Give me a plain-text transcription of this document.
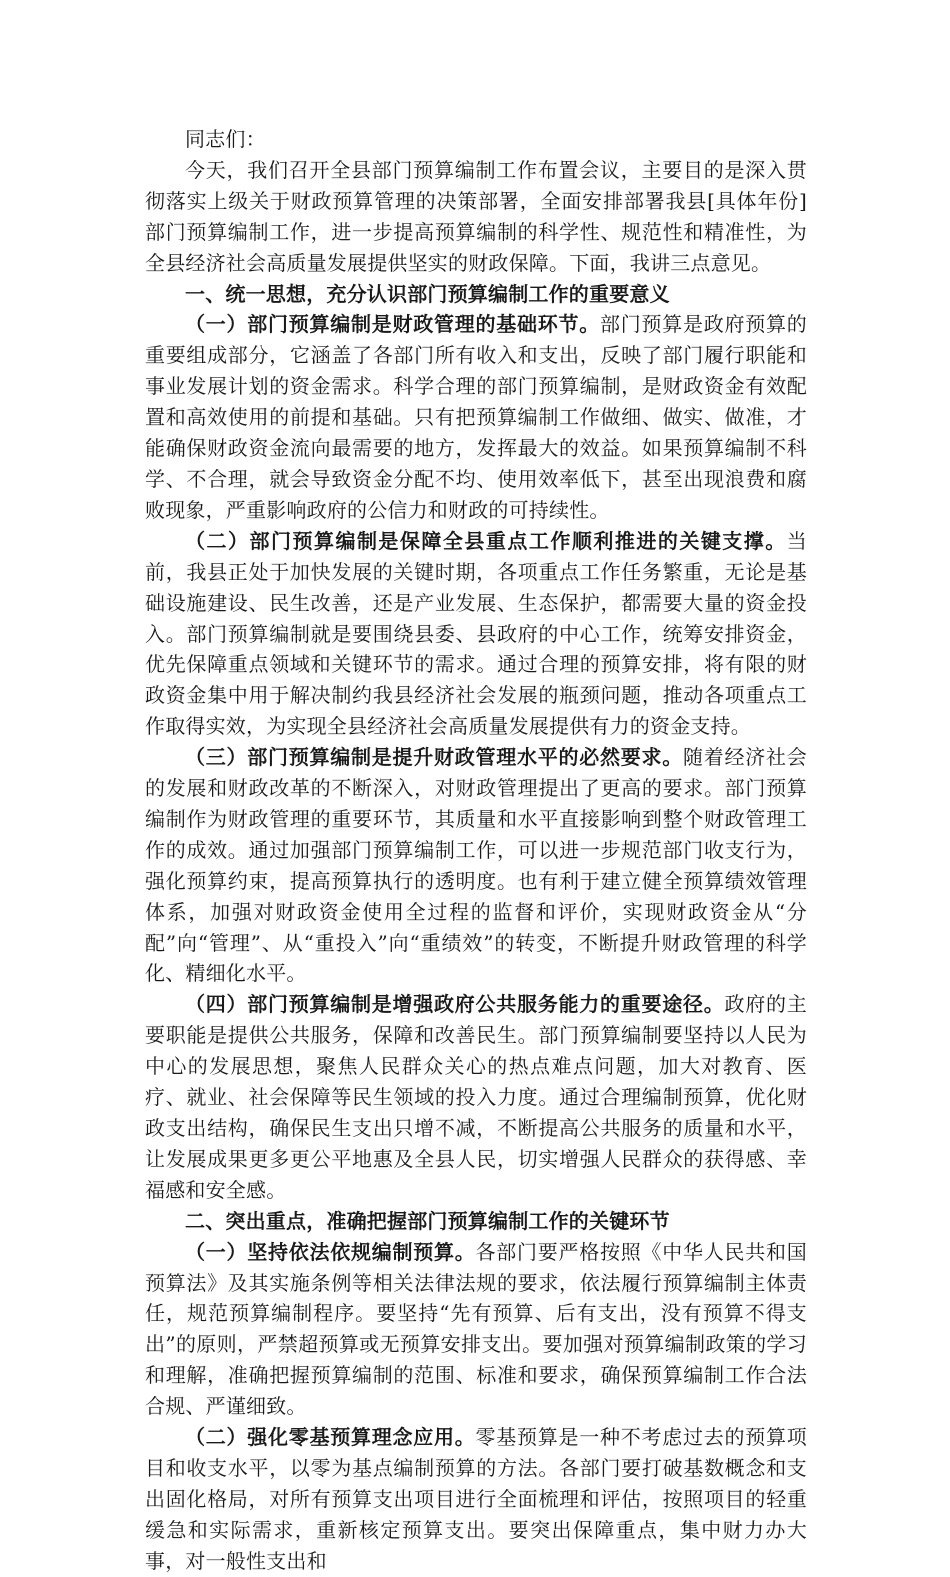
同志们：

今天，我们召开全县部门预算编制工作布置会议，主要目的是深入贯彻落实上级关于财政预算管理的决策部署，全面安排部署我县[具体年份]部门预算编制工作，进一步提高预算编制的科学性、规范性和精准性，为全县经济社会高质量发展提供坚实的财政保障。下面，我讲三点意见。

一、统一思想，充分认识部门预算编制工作的重要意义

（一）部门预算编制是财政管理的基础环节。部门预算是政府预算的重要组成部分，它涵盖了各部门所有收入和支出，反映了部门履行职能和事业发展计划的资金需求。科学合理的部门预算编制，是财政资金有效配置和高效使用的前提和基础。只有把预算编制工作做细、做实、做准，才能确保财政资金流向最需要的地方，发挥最大的效益。如果预算编制不科学、不合理，就会导致资金分配不均、使用效率低下，甚至出现浪费和腐败现象，严重影响政府的公信力和财政的可持续性。

（二）部门预算编制是保障全县重点工作顺利推进的关键支撑。当前，我县正处于加快发展的关键时期，各项重点工作任务繁重，无论是基础设施建设、民生改善，还是产业发展、生态保护，都需要大量的资金投入。部门预算编制就是要围绕县委、县政府的中心工作，统筹安排资金，优先保障重点领域和关键环节的需求。通过合理的预算安排，将有限的财政资金集中用于解决制约我县经济社会发展的瓶颈问题，推动各项重点工作取得实效，为实现全县经济社会高质量发展提供有力的资金支持。

（三）部门预算编制是提升财政管理水平的必然要求。随着经济社会的发展和财政改革的不断深入，对财政管理提出了更高的要求。部门预算编制作为财政管理的重要环节，其质量和水平直接影响到整个财政管理工作的成效。通过加强部门预算编制工作，可以进一步规范部门收支行为，强化预算约束，提高预算执行的透明度。也有利于建立健全预算绩效管理体系，加强对财政资金使用全过程的监督和评价，实现财政资金从“分配”向“管理”、从“重投入”向“重绩效”的转变，不断提升财政管理的科学化、精细化水平。

（四）部门预算编制是增强政府公共服务能力的重要途径。政府的主要职能是提供公共服务，保障和改善民生。部门预算编制要坚持以人民为中心的发展思想，聚焦人民群众关心的热点难点问题，加大对教育、医疗、就业、社会保障等民生领域的投入力度。通过合理编制预算，优化财政支出结构，确保民生支出只增不减，不断提高公共服务的质量和水平，让发展成果更多更公平地惠及全县人民，切实增强人民群众的获得感、幸福感和安全感。

二、突出重点，准确把握部门预算编制工作的关键环节

（一）坚持依法依规编制预算。各部门要严格按照《中华人民共和国预算法》及其实施条例等相关法律法规的要求，依法履行预算编制主体责任，规范预算编制程序。要坚持“先有预算、后有支出，没有预算不得支出”的原则，严禁超预算或无预算安排支出。要加强对预算编制政策的学习和理解，准确把握预算编制的范围、标准和要求，确保预算编制工作合法合规、严谨细致。

（二）强化零基预算理念应用。零基预算是一种不考虑过去的预算项目和收支水平，以零为基点编制预算的方法。各部门要打破基数概念和支出固化格局，对所有预算支出项目进行全面梳理和评估，按照项目的轻重缓急和实际需求，重新核定预算支出。要突出保障重点，集中财力办大事，对一般性支出和
